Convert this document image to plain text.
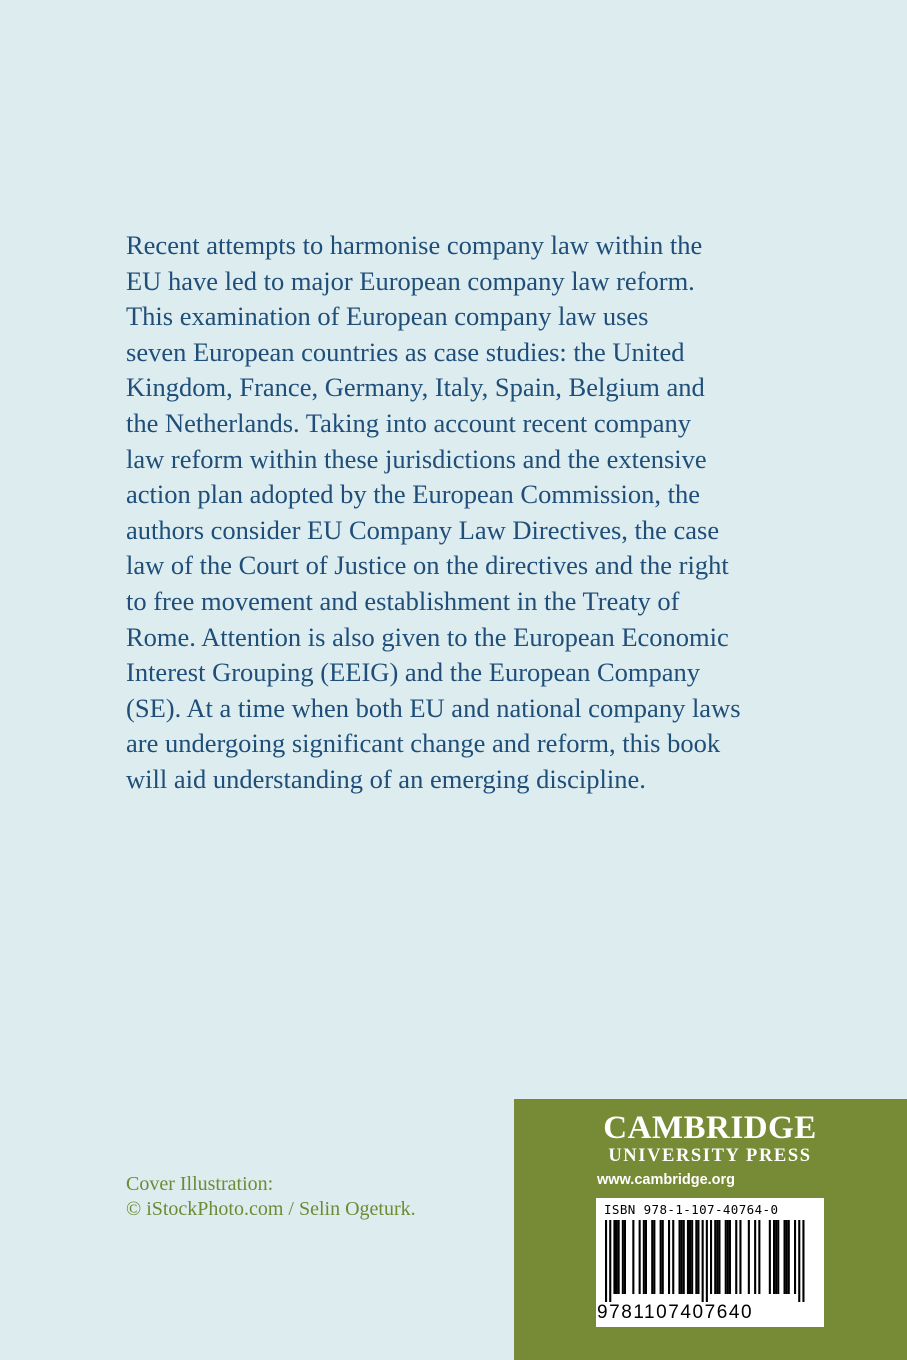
Recent attempts to harmonise company law within the
EU have led to major European company law reform.
This examination of European company law uses
seven European countries as case studies: the United
Kingdom, France, Germany, Italy, Spain, Belgium and
the Netherlands. Taking into account recent company
law reform within these jurisdictions and the extensive
action plan adopted by the European Commission, the
authors consider EU Company Law Directives, the case
law of the Court of Justice on the directives and the right
to free movement and establishment in the Treaty of
Rome. Attention is also given to the European Economic
Interest Grouping (EEIG) and the European Company
(SE). At a time when both EU and national company laws
are undergoing significant change and reform, this book
will aid understanding of an emerging discipline.
Cover Illustration:
© iStockPhoto.com / Selin Ogeturk.
CAMBRIDGE
UNIVERSITY PRESS
www.cambridge.org
ISBN 978-1-107-40764-0
9781107407640
